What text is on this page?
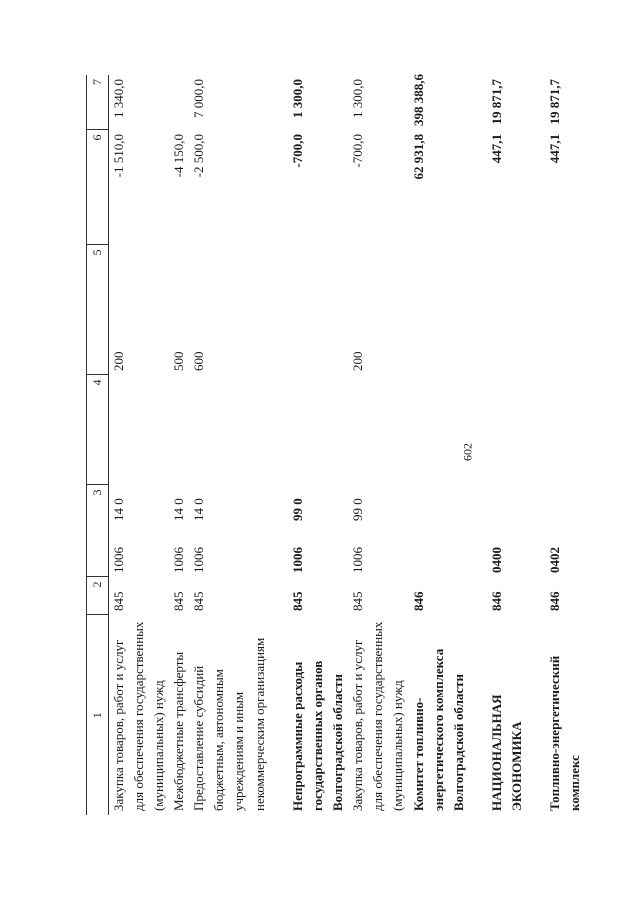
602
1	2	3		4	5	6	7
Закупка товаров, работ и услуг для обеспечения государственных (муниципальных) нужд	845	1006	14 0		200	-1 510,0	1 340,0
Межбюджетные трансферты	845	1006	14 0		500	-4 150,0	
Предоставление субсидий бюджетным, автономным учреждениям и иным некоммерческим организациям	845	1006	14 0		600	-2 500,0	7 000,0
Непрограммные расходы государственных органов Волгоградской области	845	1006	99 0			-700,0	1 300,0
Закупка товаров, работ и услуг для обеспечения государственных (муниципальных) нужд	845	1006	99 0		200	-700,0	1 300,0
Комитет топливно-энергетического комплекса Волгоградской области	846					62 931,8	398 388,6
НАЦИОНАЛЬНАЯ ЭКОНОМИКА	846	0400				447,1	19 871,7
Топливно-энергетический комплекс	846	0402				447,1	19 871,7
